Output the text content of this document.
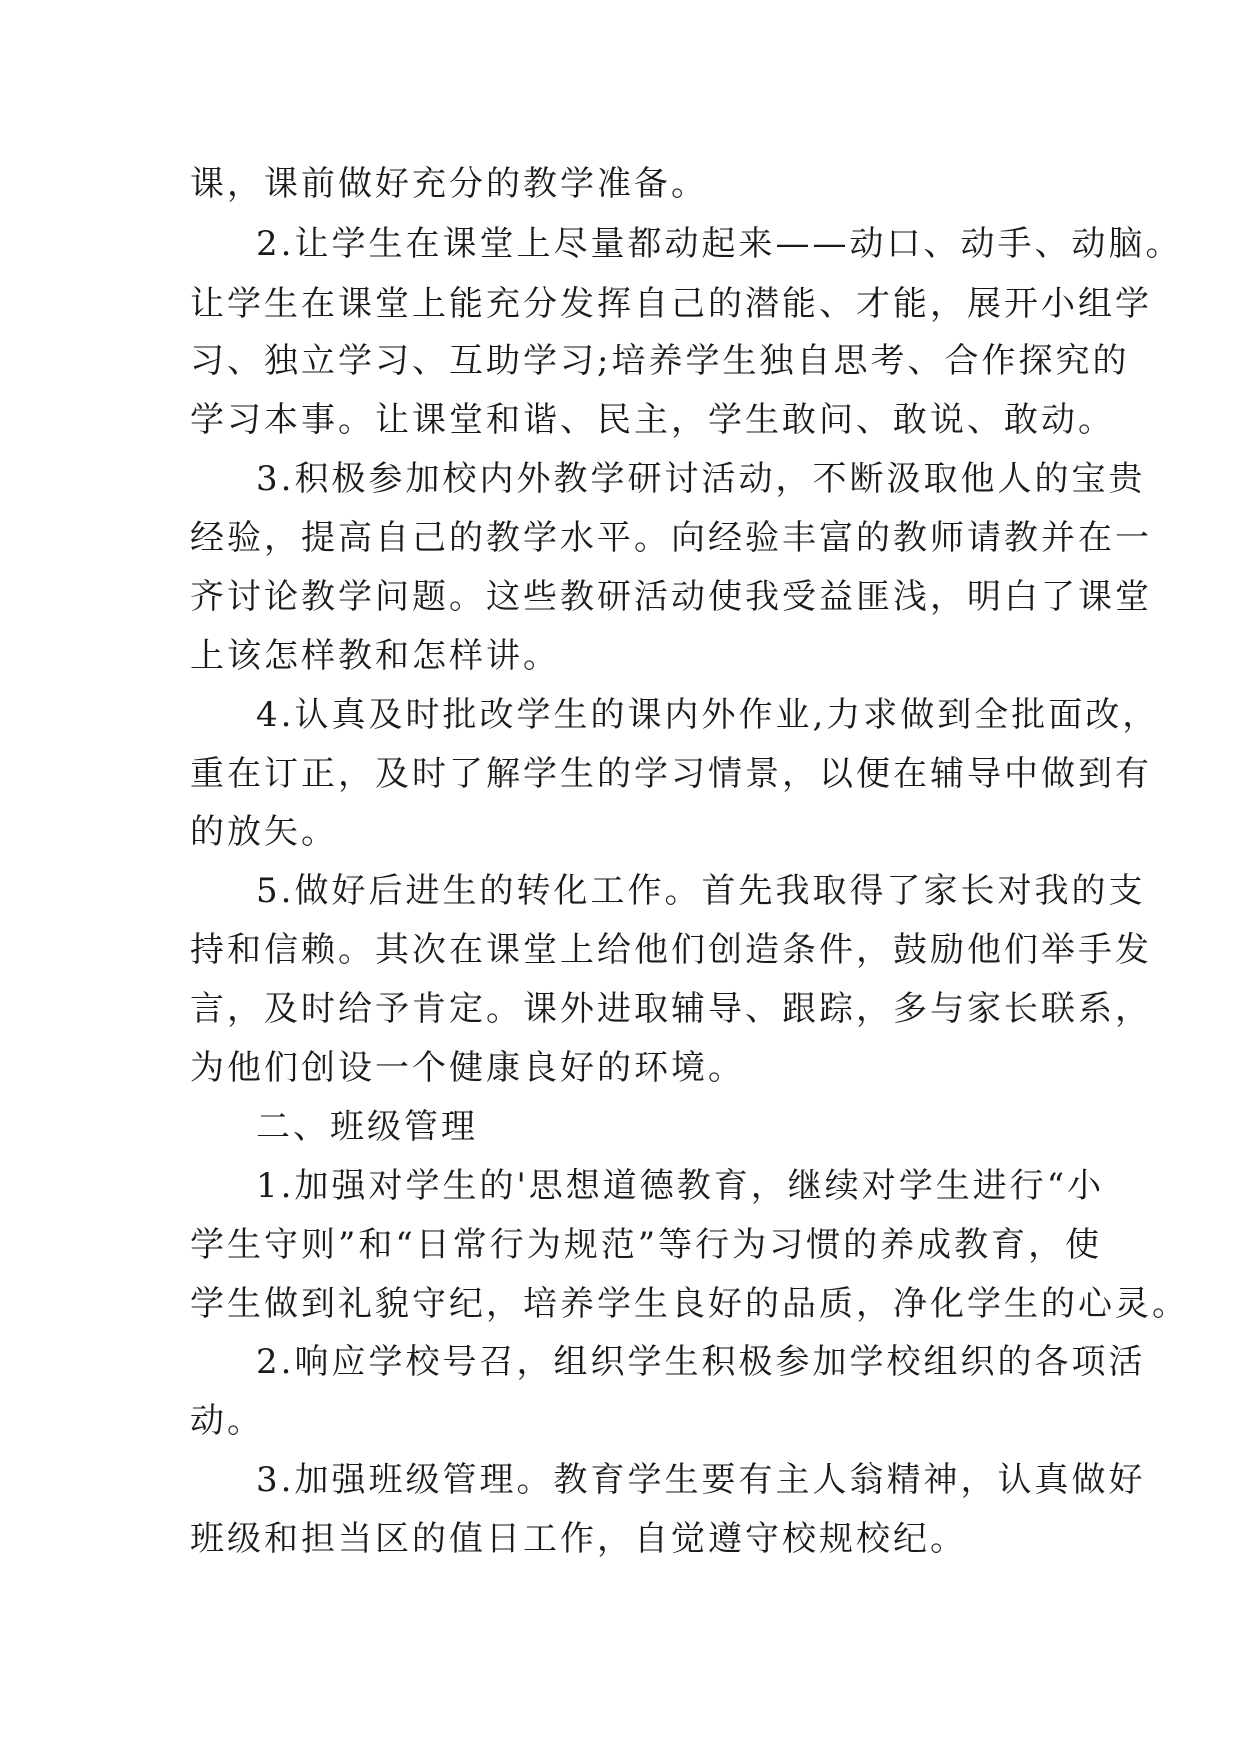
课，课前做好充分的教学准备。
2.让学生在课堂上尽量都动起来——动口、动手、动脑。
让学生在课堂上能充分发挥自己的潜能、才能，展开小组学
习、独立学习、互助学习;培养学生独自思考、合作探究的
学习本事。让课堂和谐、民主，学生敢问、敢说、敢动。
3.积极参加校内外教学研讨活动，不断汲取他人的宝贵
经验，提高自己的教学水平。向经验丰富的教师请教并在一
齐讨论教学问题。这些教研活动使我受益匪浅，明白了课堂
上该怎样教和怎样讲。
4.认真及时批改学生的课内外作业,力求做到全批面改，
重在订正，及时了解学生的学习情景，以便在辅导中做到有
的放矢。
5.做好后进生的转化工作。首先我取得了家长对我的支
持和信赖。其次在课堂上给他们创造条件，鼓励他们举手发
言，及时给予肯定。课外进取辅导、跟踪，多与家长联系，
为他们创设一个健康良好的环境。
二、班级管理
1.加强对学生的'思想道德教育，继续对学生进行“小
学生守则”和“日常行为规范”等行为习惯的养成教育，使
学生做到礼貌守纪，培养学生良好的品质，净化学生的心灵。
2.响应学校号召，组织学生积极参加学校组织的各项活
动。
3.加强班级管理。教育学生要有主人翁精神，认真做好
班级和担当区的值日工作，自觉遵守校规校纪。
